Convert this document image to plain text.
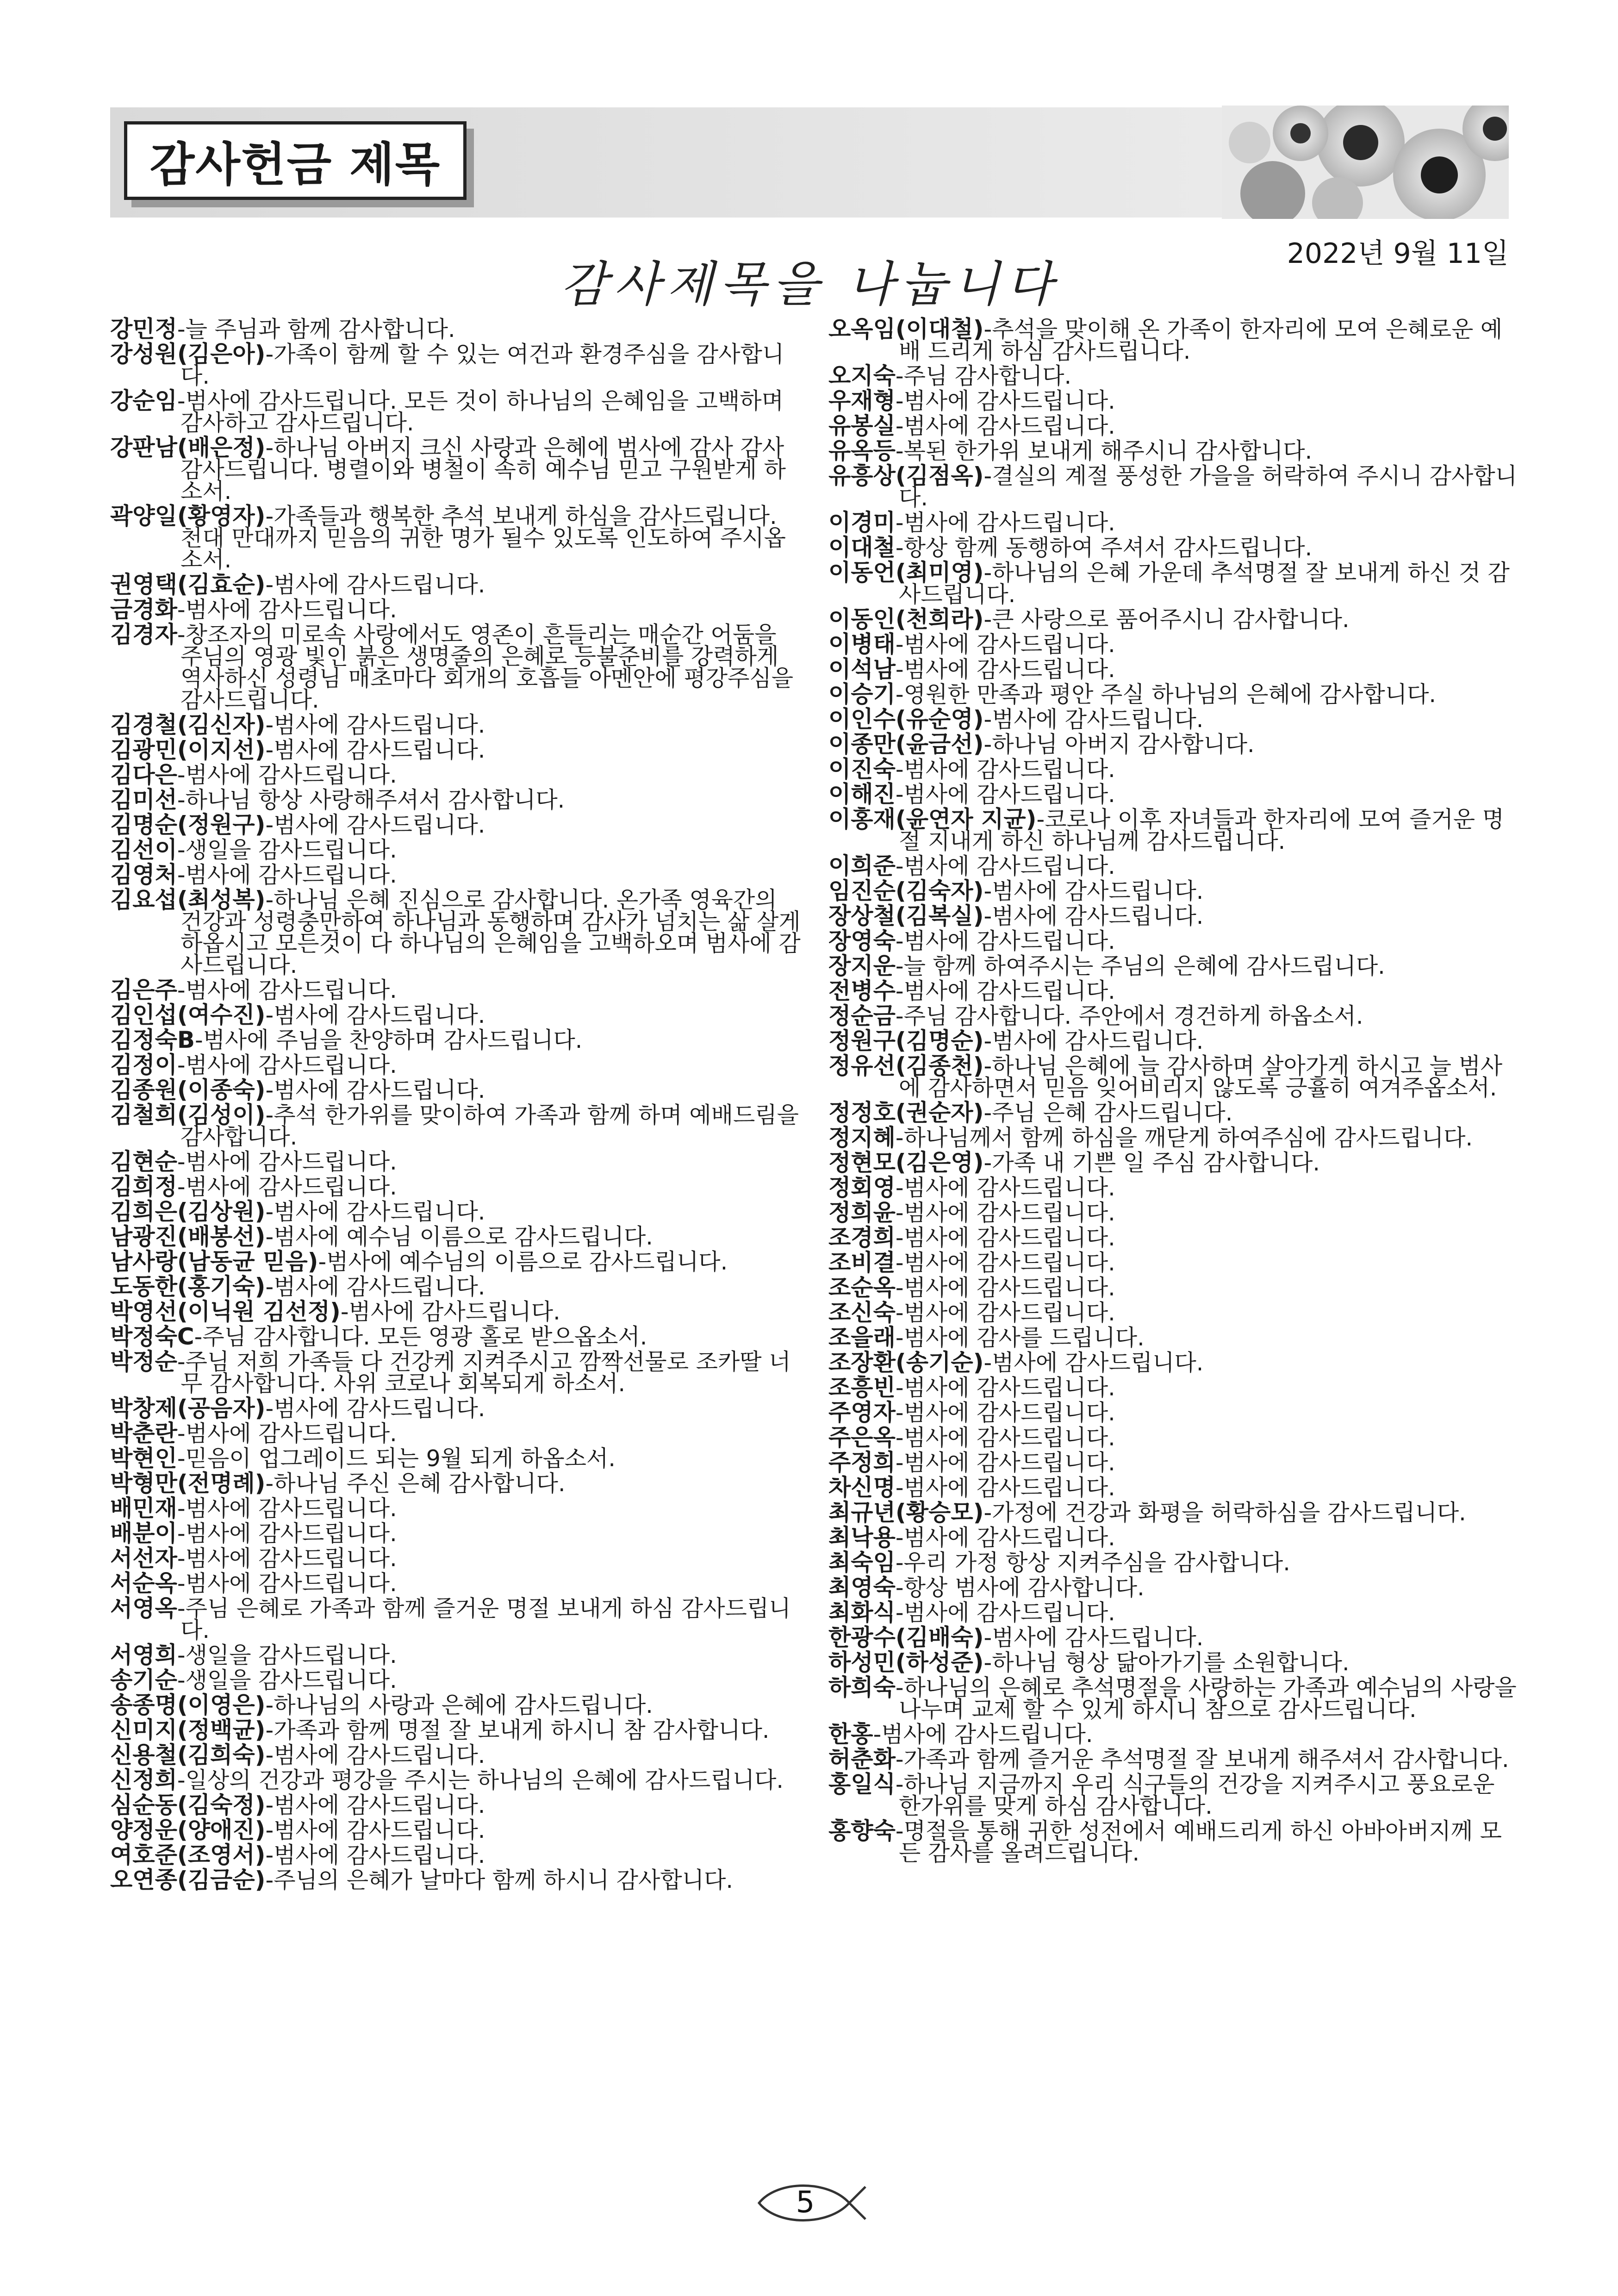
감사헌금 제목
2022년 9월 11일
감사제목을 나눕니다
강민정-늘 주님과 함께 감사합니다.
강성원(김은아)-가족이 함께 할 수 있는 여건과 환경주심을 감사합니다.
강순임-범사에 감사드립니다. 모든 것이 하나님의 은혜임을 고백하며 감사하고 감사드립니다.
강판남(배은정)-하나님 아버지 크신 사랑과 은혜에 범사에 감사 감사 감사드립니다. 병렬이와 병철이 속히 예수님 믿고 구원받게 하소서.
곽양일(황영자)-가족들과 행복한 추석 보내게 하심을 감사드립니다. 천대 만대까지 믿음의 귀한 명가 될수 있도록 인도하여 주시옵소서.
권영택(김효순)-범사에 감사드립니다.
금경화-범사에 감사드립니다.
김경자-창조자의 미로속 사랑에서도 영존이 흔들리는 매순간 어둠을 주님의 영광 빛인 붉은 생명줄의 은혜로 등불준비를 강력하게 역사하신 성령님 매초마다 회개의 호흡들 아멘안에 평강주심을 감사드립니다.
김경철(김신자)-범사에 감사드립니다.
김광민(이지선)-범사에 감사드립니다.
김다은-범사에 감사드립니다.
김미선-하나님 항상 사랑해주셔서 감사합니다.
김명순(정원구)-범사에 감사드립니다.
김선이-생일을 감사드립니다.
김영처-범사에 감사드립니다.
김요섭(최성복)-하나님 은혜 진심으로 감사합니다. 온가족 영육간의 건강과 성령충만하여 하나님과 동행하며 감사가 넘치는 삶 살게 하옵시고 모든것이 다 하나님의 은혜임을 고백하오며 범사에 감사드립니다.
김은주-범사에 감사드립니다.
김인섭(여수진)-범사에 감사드립니다.
김정숙B-범사에 주님을 찬양하며 감사드립니다.
김정이-범사에 감사드립니다.
김종원(이종숙)-범사에 감사드립니다.
김철희(김성이)-추석 한가위를 맞이하여 가족과 함께 하며 예배드림을 감사합니다.
김현순-범사에 감사드립니다.
김희정-범사에 감사드립니다.
김희은(김상원)-범사에 감사드립니다.
남광진(배봉선)-범사에 예수님 이름으로 감사드립니다.
남사랑(남동균 믿음)-범사에 예수님의 이름으로 감사드립니다.
도동한(홍기숙)-범사에 감사드립니다.
박영선(이닉원 김선정)-범사에 감사드립니다.
박정숙C-주님 감사합니다. 모든 영광 홀로 받으옵소서.
박정순-주님 저희 가족들 다 건강케 지켜주시고 깜짝선물로 조카딸 너무 감사합니다. 사위 코로나 회복되게 하소서.
박창제(공음자)-범사에 감사드립니다.
박춘란-범사에 감사드립니다.
박현인-믿음이 업그레이드 되는 9월 되게 하옵소서.
박형만(전명례)-하나님 주신 은혜 감사합니다.
배민재-범사에 감사드립니다.
배분이-범사에 감사드립니다.
서선자-범사에 감사드립니다.
서순옥-범사에 감사드립니다.
서영옥-주님 은혜로 가족과 함께 즐거운 명절 보내게 하심 감사드립니다.
서영희-생일을 감사드립니다.
송기순-생일을 감사드립니다.
송종명(이영은)-하나님의 사랑과 은혜에 감사드립니다.
신미지(정백균)-가족과 함께 명절 잘 보내게 하시니 참 감사합니다.
신용철(김희숙)-범사에 감사드립니다.
신정희-일상의 건강과 평강을 주시는 하나님의 은혜에 감사드립니다.
심순동(김숙정)-범사에 감사드립니다.
양정운(양애진)-범사에 감사드립니다.
여호준(조영서)-범사에 감사드립니다.
오연종(김금순)-주님의 은혜가 날마다 함께 하시니 감사합니다.
오옥임(이대철)-추석을 맞이해 온 가족이 한자리에 모여 은혜로운 예배 드리게 하심 감사드립니다.
오지숙-주님 감사합니다.
우재형-범사에 감사드립니다.
유봉실-범사에 감사드립니다.
유옥등-복된 한가위 보내게 해주시니 감사합니다.
유흥상(김점옥)-결실의 계절 풍성한 가을을 허락하여 주시니 감사합니다.
이경미-범사에 감사드립니다.
이대철-항상 함께 동행하여 주셔서 감사드립니다.
이동언(최미영)-하나님의 은혜 가운데 추석명절 잘 보내게 하신 것 감사드립니다.
이동인(천희라)-큰 사랑으로 품어주시니 감사합니다.
이병태-범사에 감사드립니다.
이석남-범사에 감사드립니다.
이승기-영원한 만족과 평안 주실 하나님의 은혜에 감사합니다.
이인수(유순영)-범사에 감사드립니다.
이종만(윤금선)-하나님 아버지 감사합니다.
이진숙-범사에 감사드립니다.
이해진-범사에 감사드립니다.
이홍재(윤연자 지균)-코로나 이후 자녀들과 한자리에 모여 즐거운 명절 지내게 하신 하나님께 감사드립니다.
이희준-범사에 감사드립니다.
임진순(김숙자)-범사에 감사드립니다.
장상철(김복실)-범사에 감사드립니다.
장영숙-범사에 감사드립니다.
장지운-늘 함께 하여주시는 주님의 은혜에 감사드립니다.
전병수-범사에 감사드립니다.
정순금-주님 감사합니다. 주안에서 경건하게 하옵소서.
정원구(김명순)-범사에 감사드립니다.
정유선(김종천)-하나님 은혜에 늘 감사하며 살아가게 하시고 늘 범사에 감사하면서 믿음 잊어비리지 않도록 긍휼히 여겨주옵소서.
정정호(권순자)-주님 은혜 감사드립니다.
정지혜-하나님께서 함께 하심을 깨닫게 하여주심에 감사드립니다.
정현모(김은영)-가족 내 기쁜 일 주심 감사합니다.
정회영-범사에 감사드립니다.
정희윤-범사에 감사드립니다.
조경희-범사에 감사드립니다.
조비결-범사에 감사드립니다.
조순옥-범사에 감사드립니다.
조신숙-범사에 감사드립니다.
조을래-범사에 감사를 드립니다.
조장환(송기순)-범사에 감사드립니다.
조흥빈-범사에 감사드립니다.
주영자-범사에 감사드립니다.
주은옥-범사에 감사드립니다.
주정희-범사에 감사드립니다.
차신명-범사에 감사드립니다.
최규년(황승모)-가정에 건강과 화평을 허락하심을 감사드립니다.
최낙용-범사에 감사드립니다.
최숙임-우리 가정 항상 지켜주심을 감사합니다.
최영숙-항상 범사에 감사합니다.
최화식-범사에 감사드립니다.
한광수(김배숙)-범사에 감사드립니다.
하성민(하성준)-하나님 형상 닮아가기를 소원합니다.
하희숙-하나님의 은혜로 추석명절을 사랑하는 가족과 예수님의 사랑을 나누며 교제 할 수 있게 하시니 참으로 감사드립니다.
한홍-범사에 감사드립니다.
허춘화-가족과 함께 즐거운 추석명절 잘 보내게 해주셔서 감사합니다.
홍일식-하나님 지금까지 우리 식구들의 건강을 지켜주시고 풍요로운 한가위를 맞게 하심 감사합니다.
홍향숙-명절을 통해 귀한 성전에서 예배드리게 하신 아바아버지께 모든 감사를 올려드립니다.
5
